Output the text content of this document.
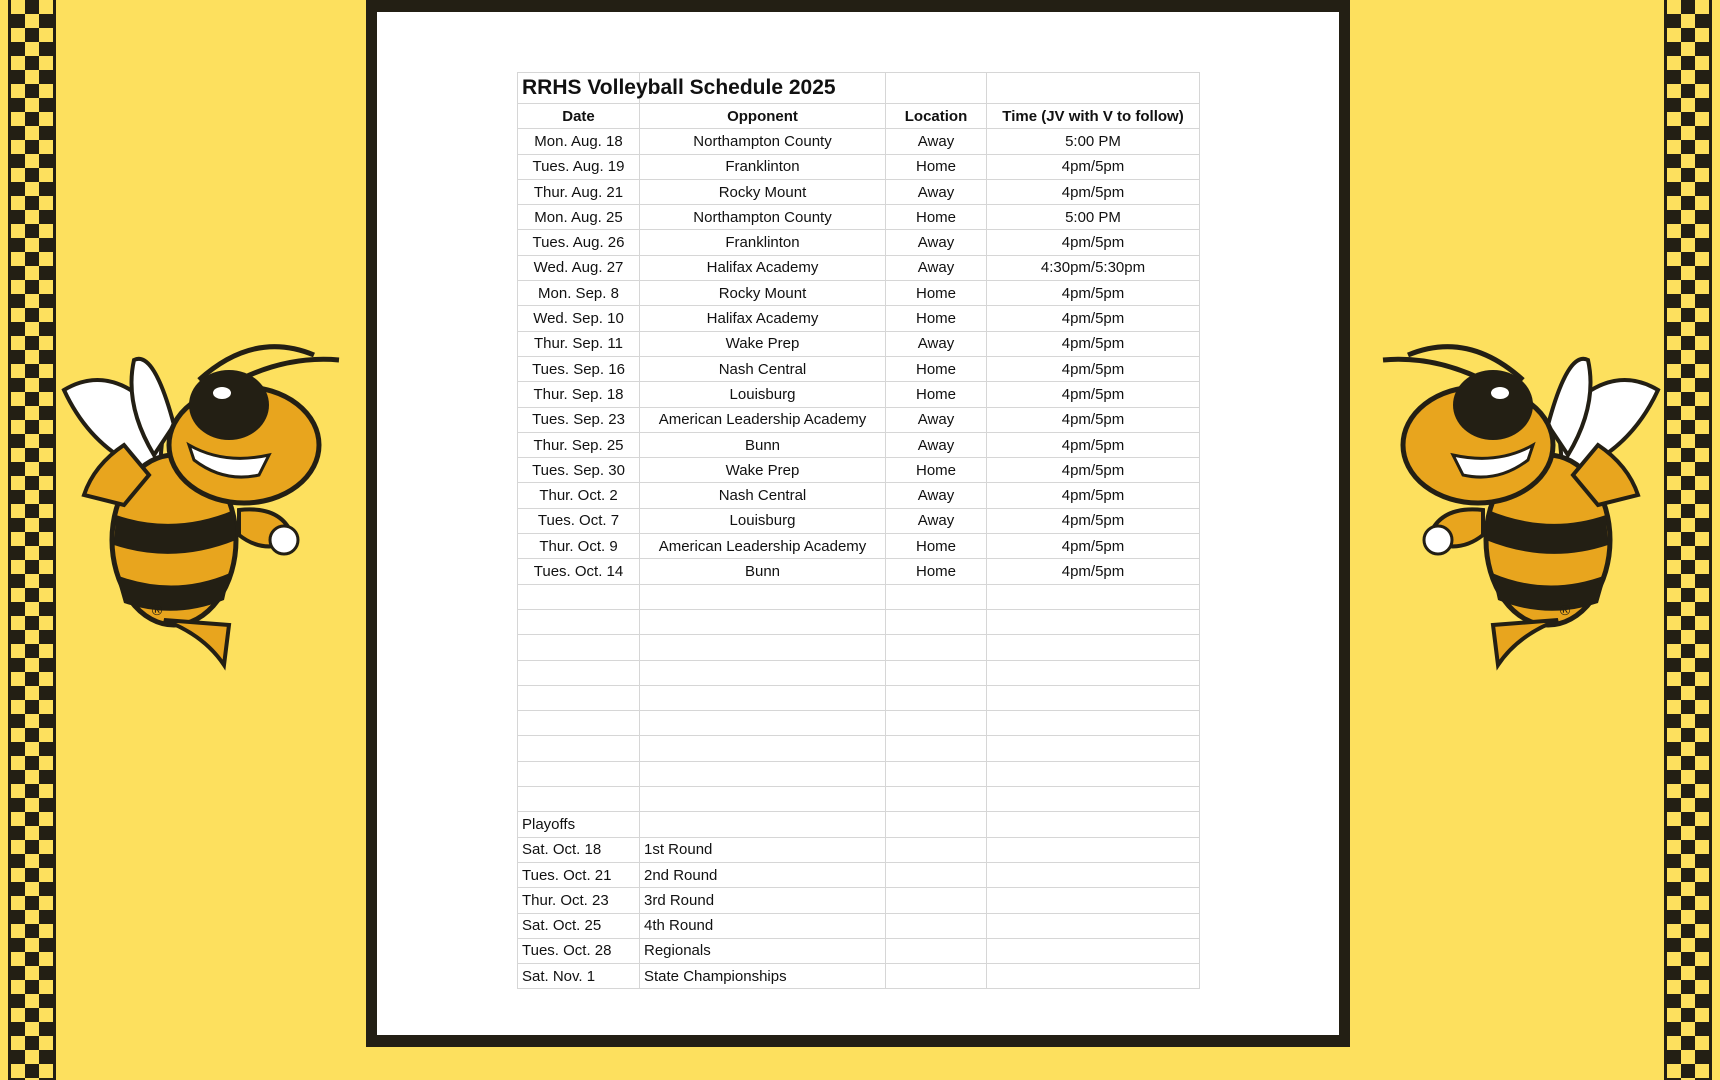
®	®
RRHS Volleyball Schedule 2025			
Date	Opponent	Location	Time (JV with V to follow)
Mon. Aug. 18	Northampton County	Away	5:00 PM
Tues. Aug. 19	Franklinton	Home	4pm/5pm
Thur. Aug. 21	Rocky Mount	Away	4pm/5pm
Mon. Aug. 25	Northampton County	Home	5:00 PM
Tues. Aug. 26	Franklinton	Away	4pm/5pm
Wed. Aug. 27	Halifax Academy	Away	4:30pm/5:30pm
Mon. Sep. 8	Rocky Mount	Home	4pm/5pm
Wed. Sep. 10	Halifax Academy	Home	4pm/5pm
Thur. Sep. 11	Wake Prep	Away	4pm/5pm
Tues. Sep. 16	Nash Central	Home	4pm/5pm
Thur. Sep. 18	Louisburg	Home	4pm/5pm
Tues. Sep. 23	American Leadership Academy	Away	4pm/5pm
Thur. Sep. 25	Bunn	Away	4pm/5pm
Tues. Sep. 30	Wake Prep	Home	4pm/5pm
Thur. Oct. 2	Nash Central	Away	4pm/5pm
Tues. Oct. 7	Louisburg	Away	4pm/5pm
Thur. Oct. 9	American Leadership Academy	Home	4pm/5pm
Tues. Oct. 14	Bunn	Home	4pm/5pm

Playoffs			
Sat. Oct. 18	1st Round		
Tues. Oct. 21	2nd Round		
Thur. Oct. 23	3rd Round		
Sat. Oct. 25	4th Round		
Tues. Oct. 28	Regionals		
Sat. Nov. 1	State Championships		
